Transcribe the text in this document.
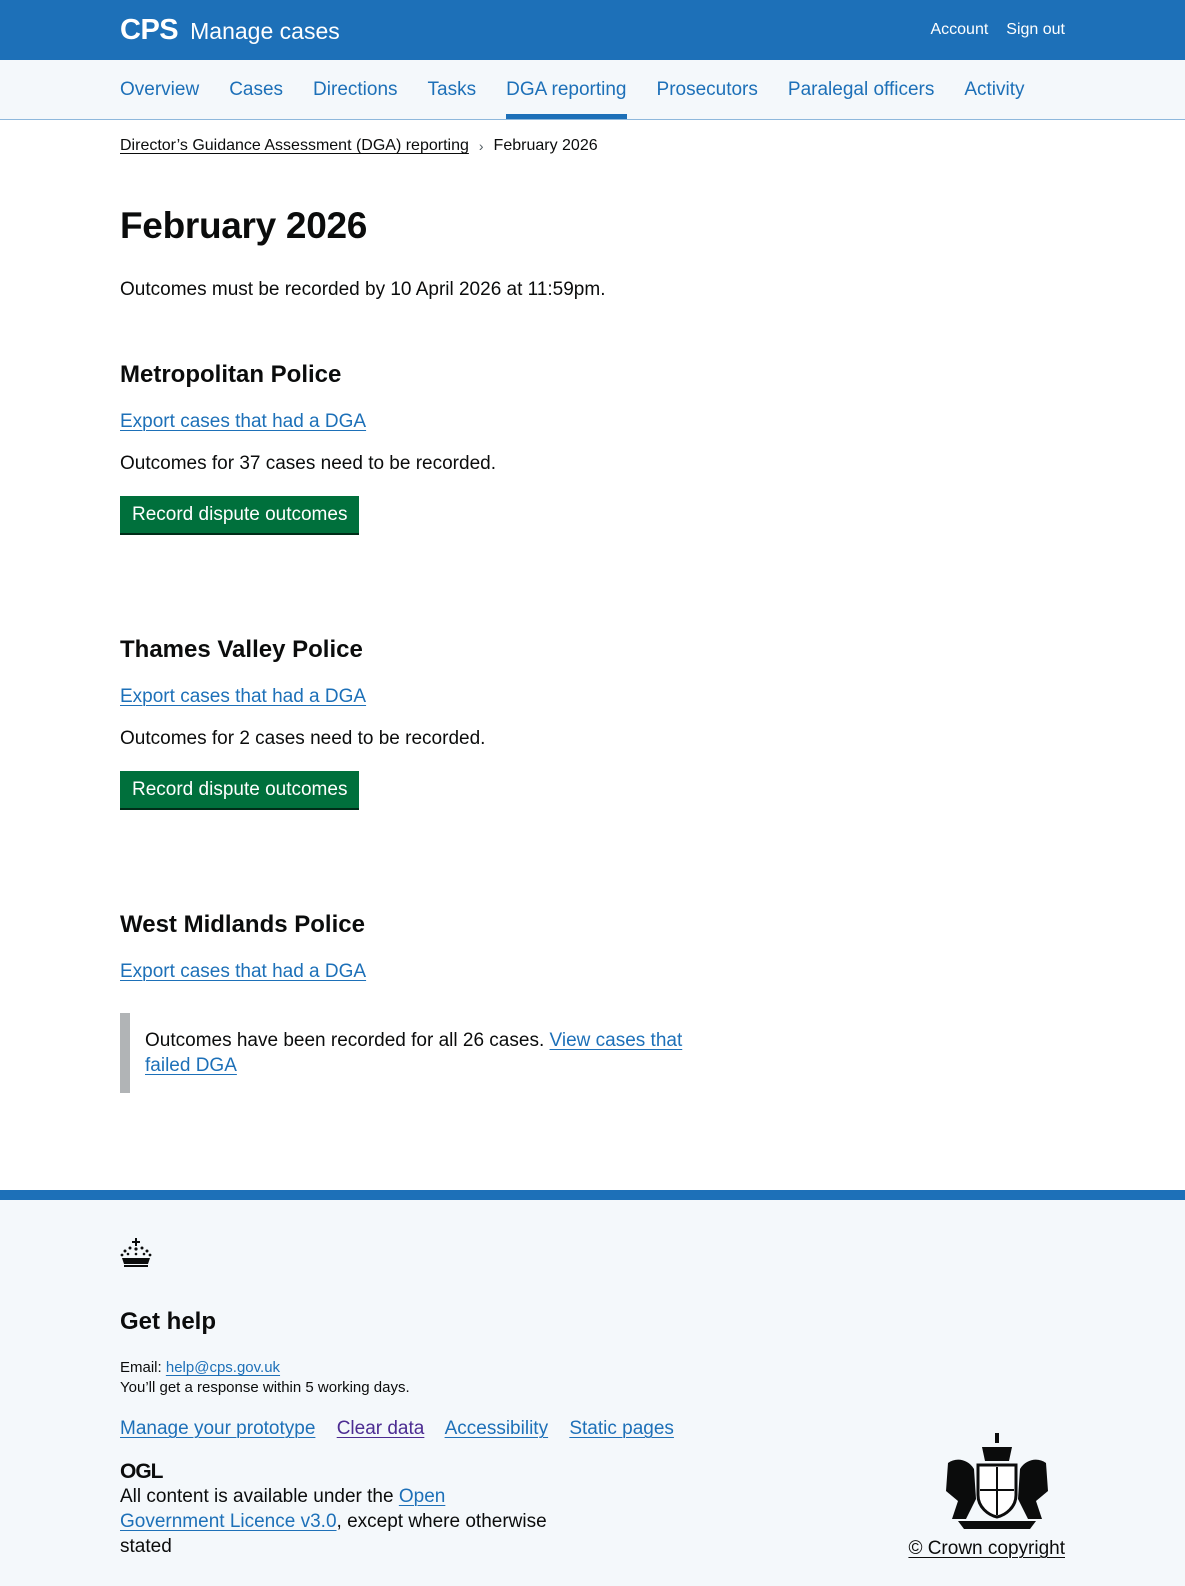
CPS Manage cases	Account Sign out
Overview Cases Directions Tasks DGA reporting Prosecutors Paralegal officers Activity
Director’s Guidance Assessment (DGA) reporting › February 2026
February 2026

Outcomes must be recorded by 10 April 2026 at 11:59pm.

Metropolitan Police
Export cases that had a DGA

Outcomes for 37 cases need to be recorded.

Record dispute outcomes
Thames Valley Police
Export cases that had a DGA

Outcomes for 2 cases need to be recorded.

Record dispute outcomes
West Midlands Police
Export cases that had a DGA

Outcomes have been recorded for all 26 cases. View cases that failed DGA

Get help

Email: help@cps.gov.uk

You’ll get a response within 5 working days.

Manage your prototype Clear data Accessibility Static pages
OGL

All content is available under the Open Government Licence v3.0, except where otherwise stated	© Crown copyright
